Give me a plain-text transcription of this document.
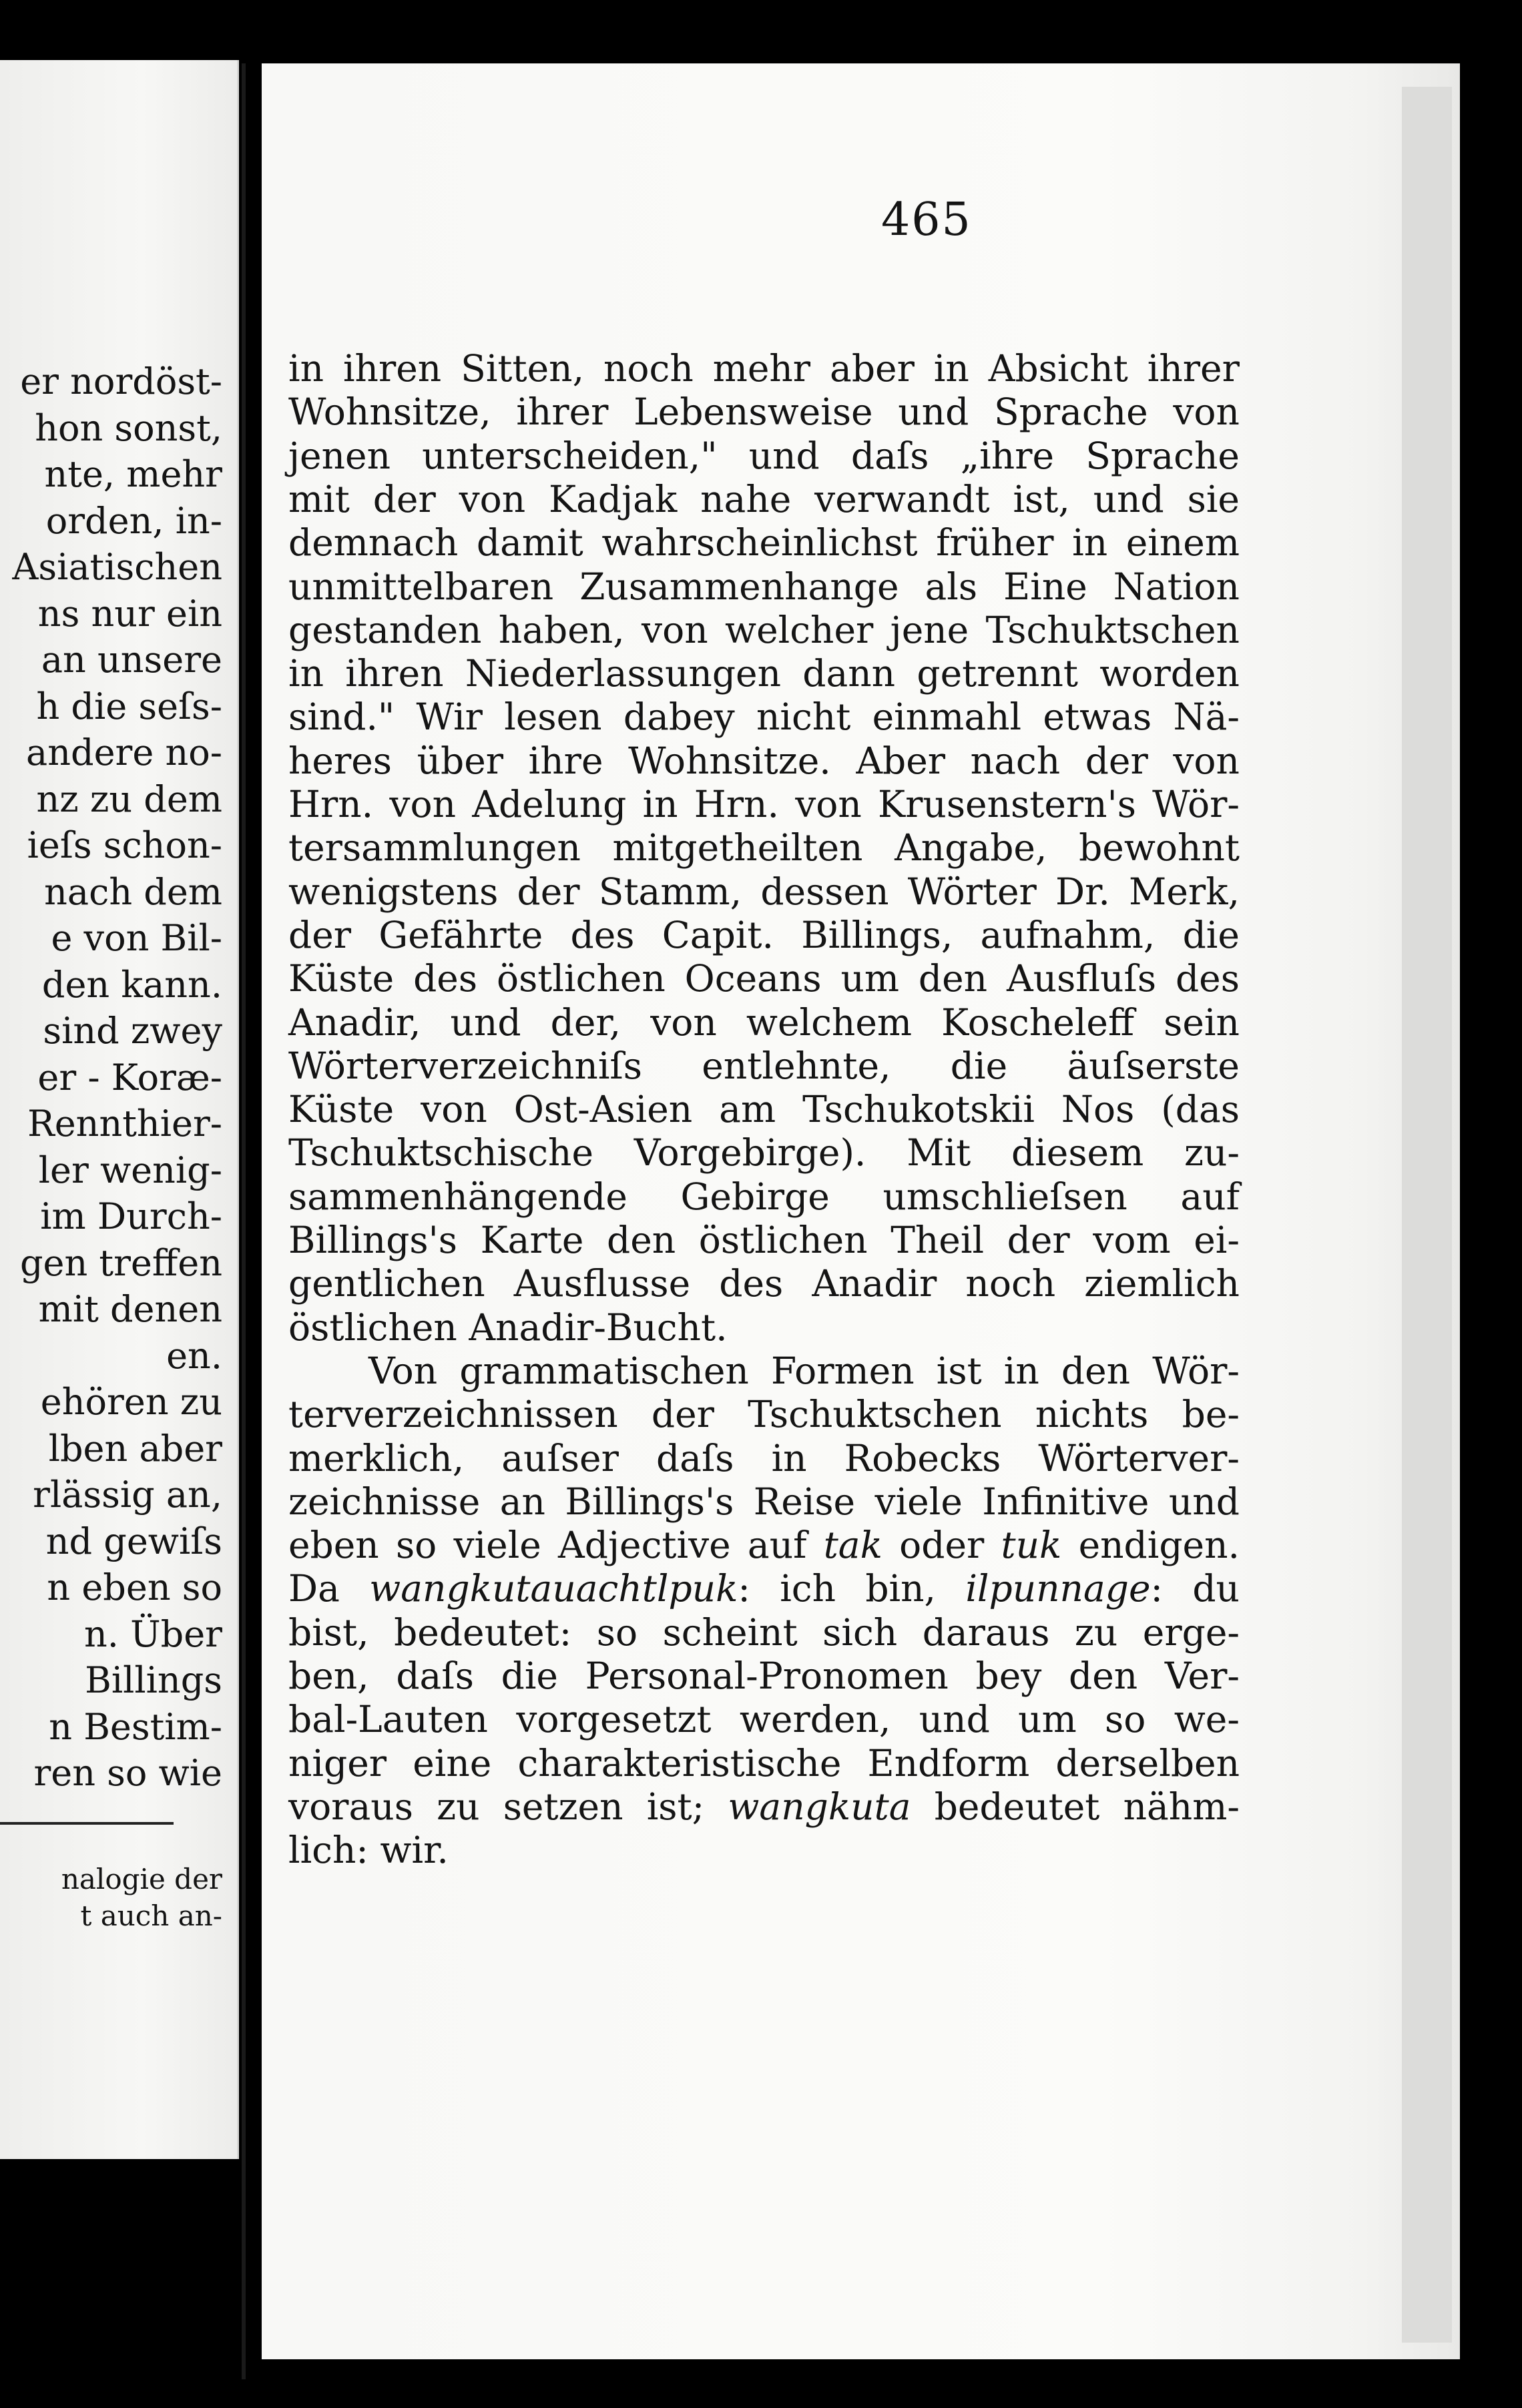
er nordöst-
hon sonst,
nte, mehr
orden, in-
Asiatischen
ns nur ein
an unsere
h die seſs-
andere no-
nz zu dem
ieſs schon-
nach dem
e von Bil-
den kann.
sind zwey
er - Koræ-
Rennthier-
ler wenig-
im Durch-
gen treffen
mit denen
en.
ehören zu
lben aber
rlässig an,
nd gewiſs
n eben so
n. Über
Billings
n Bestim-
ren so wie
nalogie der
t auch an-
in ihren Sitten, noch mehr aber in Absicht ihrer
Wohnsitze, ihrer Lebensweise und Sprache von
jenen unterscheiden," und daſs „ihre Sprache
mit der von Kadjak nahe verwandt ist, und sie
demnach damit wahrscheinlichst früher in einem
unmittelbaren Zusammenhange als Eine Nation
gestanden haben, von welcher jene Tschuktschen
in ihren Niederlassungen dann getrennt worden
sind." Wir lesen dabey nicht einmahl etwas Nä-
heres über ihre Wohnsitze. Aber nach der von
Hrn. von Adelung in Hrn. von Krusenstern's Wör-
tersammlungen mitgetheilten Angabe, bewohnt
wenigstens der Stamm, dessen Wörter Dr. Merk,
der Gefährte des Capit. Billings, aufnahm, die
Küste des östlichen Oceans um den Ausfluſs des
Anadir, und der, von welchem Koscheleff sein
Wörterverzeichniſs entlehnte, die äuſserste
Küste von Ost-Asien am Tschukotskii Nos (das
Tschuktschische Vorgebirge). Mit diesem zu-
sammenhängende Gebirge umschlieſsen auf
Billings's Karte den östlichen Theil der vom ei-
gentlichen Ausflusse des Anadir noch ziemlich
östlichen Anadir-Bucht.
Von grammatischen Formen ist in den Wör-
terverzeichnissen der Tschuktschen nichts be-
merklich, auſser daſs in Robecks Wörterver-
zeichnisse an Billings's Reise viele Infinitive und
eben so viele Adjective auf tak oder tuk endigen.
Da wangkutauachtlpuk: ich bin, ilpunnage: du
bist, bedeutet: so scheint sich daraus zu erge-
ben, daſs die Personal-Pronomen bey den Ver-
bal-Lauten vorgesetzt werden, und um so we-
niger eine charakteristische Endform derselben
voraus zu setzen ist; wangkuta bedeutet nähm-
lich: wir.
465
